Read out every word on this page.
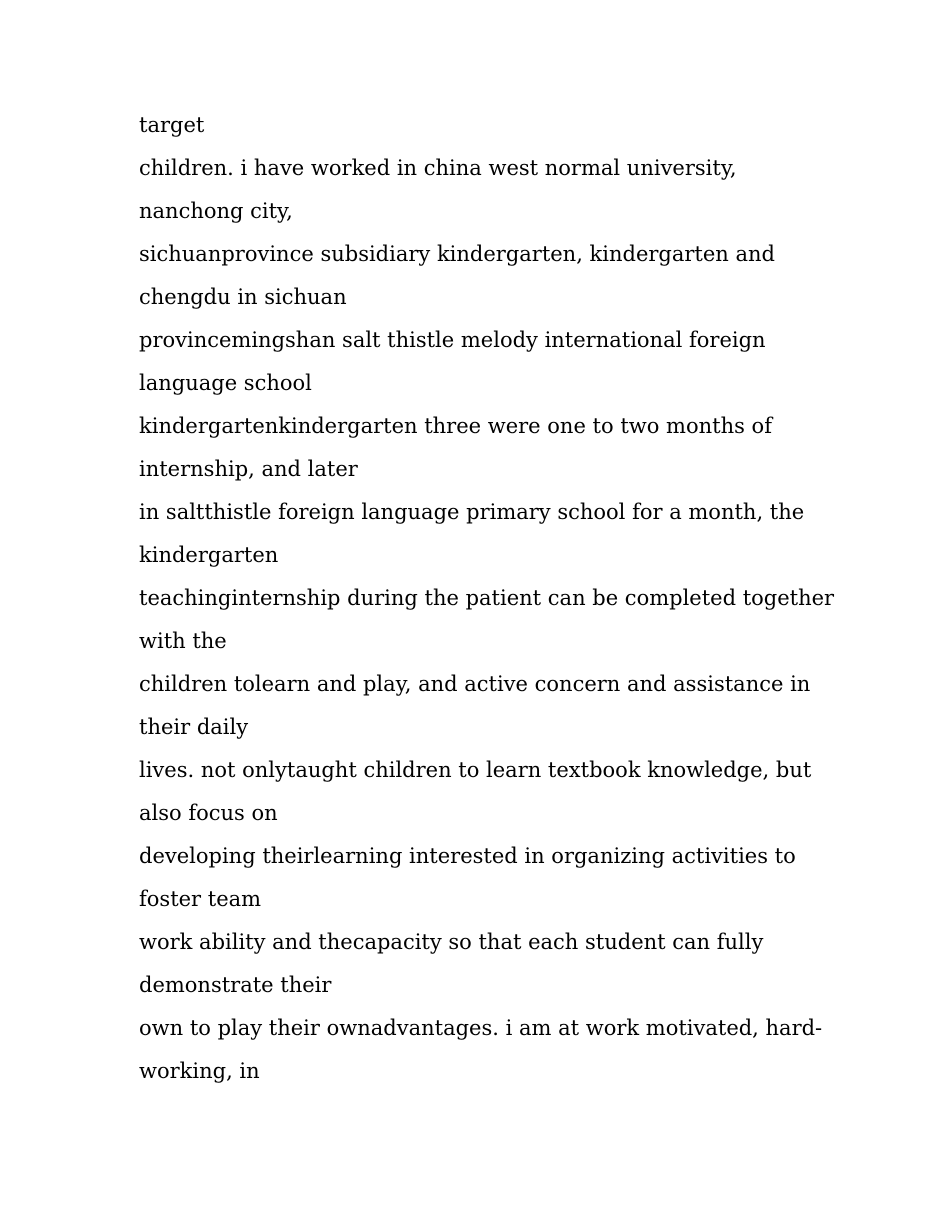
target
children. i have worked in china west normal university,
nanchong city,
sichuanprovince subsidiary kindergarten, kindergarten and
chengdu in sichuan
provincemingshan salt thistle melody international foreign
language school
kindergartenkindergarten three were one to two months of
internship, and later
in saltthistle foreign language primary school for a month, the
kindergarten
teachinginternship during the patient can be completed together
with the
children tolearn and play, and active concern and assistance in
their daily
lives. not onlytaught children to learn textbook knowledge, but
also focus on
developing theirlearning interested in organizing activities to
foster team
work ability and thecapacity so that each student can fully
demonstrate their
own to play their ownadvantages. i am at work motivated, hard-
working, in
